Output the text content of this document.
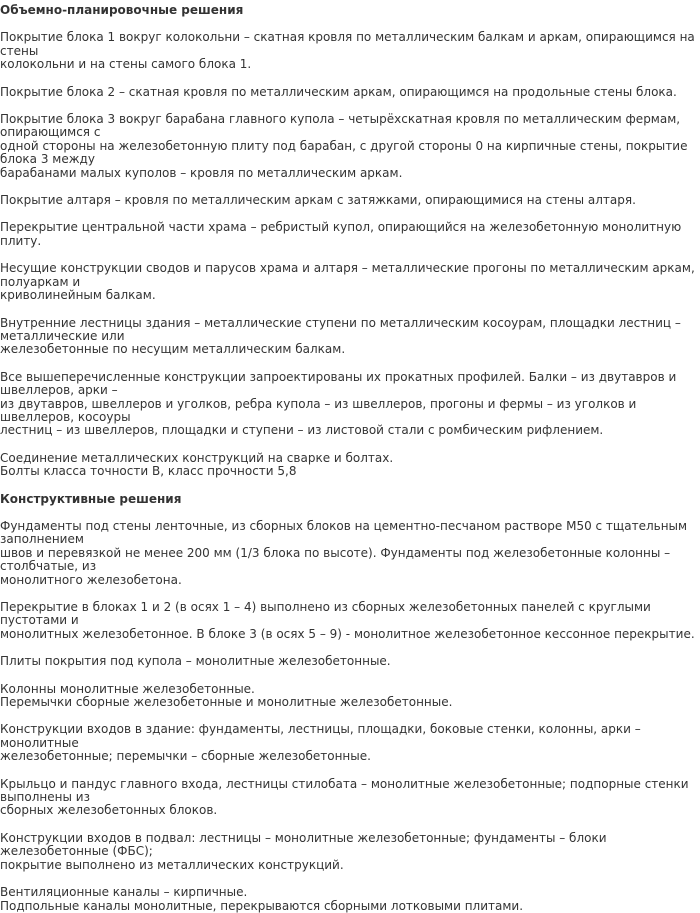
Объемно-планировочные решения
Покрытие блока 1 вокруг колокольни – скатная кровля по металлическим балкам и аркам, опирающимся на стены
колокольни и на стены самого блока 1.
Покрытие блока 2 – скатная кровля по металлическим аркам, опирающимся на продольные стены блока.
Покрытие блока 3 вокруг барабана главного купола – четырёхскатная кровля по металлическим фермам, опирающимся с
одной стороны на железобетонную плиту под барабан, с другой стороны 0 на кирпичные стены, покрытие блока 3 между
барабанами малых куполов – кровля по металлическим аркам.
Покрытие алтаря – кровля по металлическим аркам с затяжками, опирающимися на стены алтаря.
Перекрытие центральной части храма – ребристый купол, опирающийся на железобетонную монолитную плиту.
Несущие конструкции сводов и парусов храма и алтаря – металлические прогоны по металлическим аркам, полуаркам и
криволинейным балкам.
Внутренние лестницы здания – металлические ступени по металлическим косоурам, площадки лестниц – металлические или
железобетонные по несущим металлическим балкам.
Все вышеперечисленные конструкции запроектированы их прокатных профилей. Балки – из двутавров и швеллеров, арки –
из двутавров, швеллеров и уголков, ребра купола – из швеллеров, прогоны и фермы – из уголков и швеллеров, косоуры
лестниц – из швеллеров, площадки и ступени – из листовой стали с ромбическим рифлением.
Соединение металлических конструкций на сварке и болтах.
Болты класса точности В, класс прочности 5,8
Конструктивные решения
Фундаменты под стены ленточные, из сборных блоков на цементно-песчаном растворе М50 с тщательным заполнением
швов и перевязкой не менее 200 мм (1/3 блока по высоте). Фундаменты под железобетонные колонны – столбчатые, из
монолитного железобетона.
Перекрытие в блоках 1 и 2 (в осях 1 – 4) выполнено из сборных железобетонных панелей с круглыми пустотами и
монолитных железобетонное. В блоке 3 (в осях 5 – 9) - монолитное железобетонное кессонное перекрытие.
Плиты покрытия под купола – монолитные железобетонные.
Колонны монолитные железобетонные.
Перемычки сборные железобетонные и монолитные железобетонные.
Конструкции входов в здание: фундаменты, лестницы, площадки, боковые стенки, колонны, арки – монолитные
железобетонные; перемычки – сборные железобетонные.
Крыльцо и пандус главного входа, лестницы стилобата – монолитные железобетонные; подпорные стенки выполнены из
сборных железобетонных блоков.
Конструкции входов в подвал: лестницы – монолитные железобетонные; фундаменты – блоки железобетонные (ФБС);
покрытие выполнено из металлических конструкций.
Вентиляционные каналы – кирпичные.
Подпольные каналы монолитные, перекрываются сборными лотковыми плитами.
